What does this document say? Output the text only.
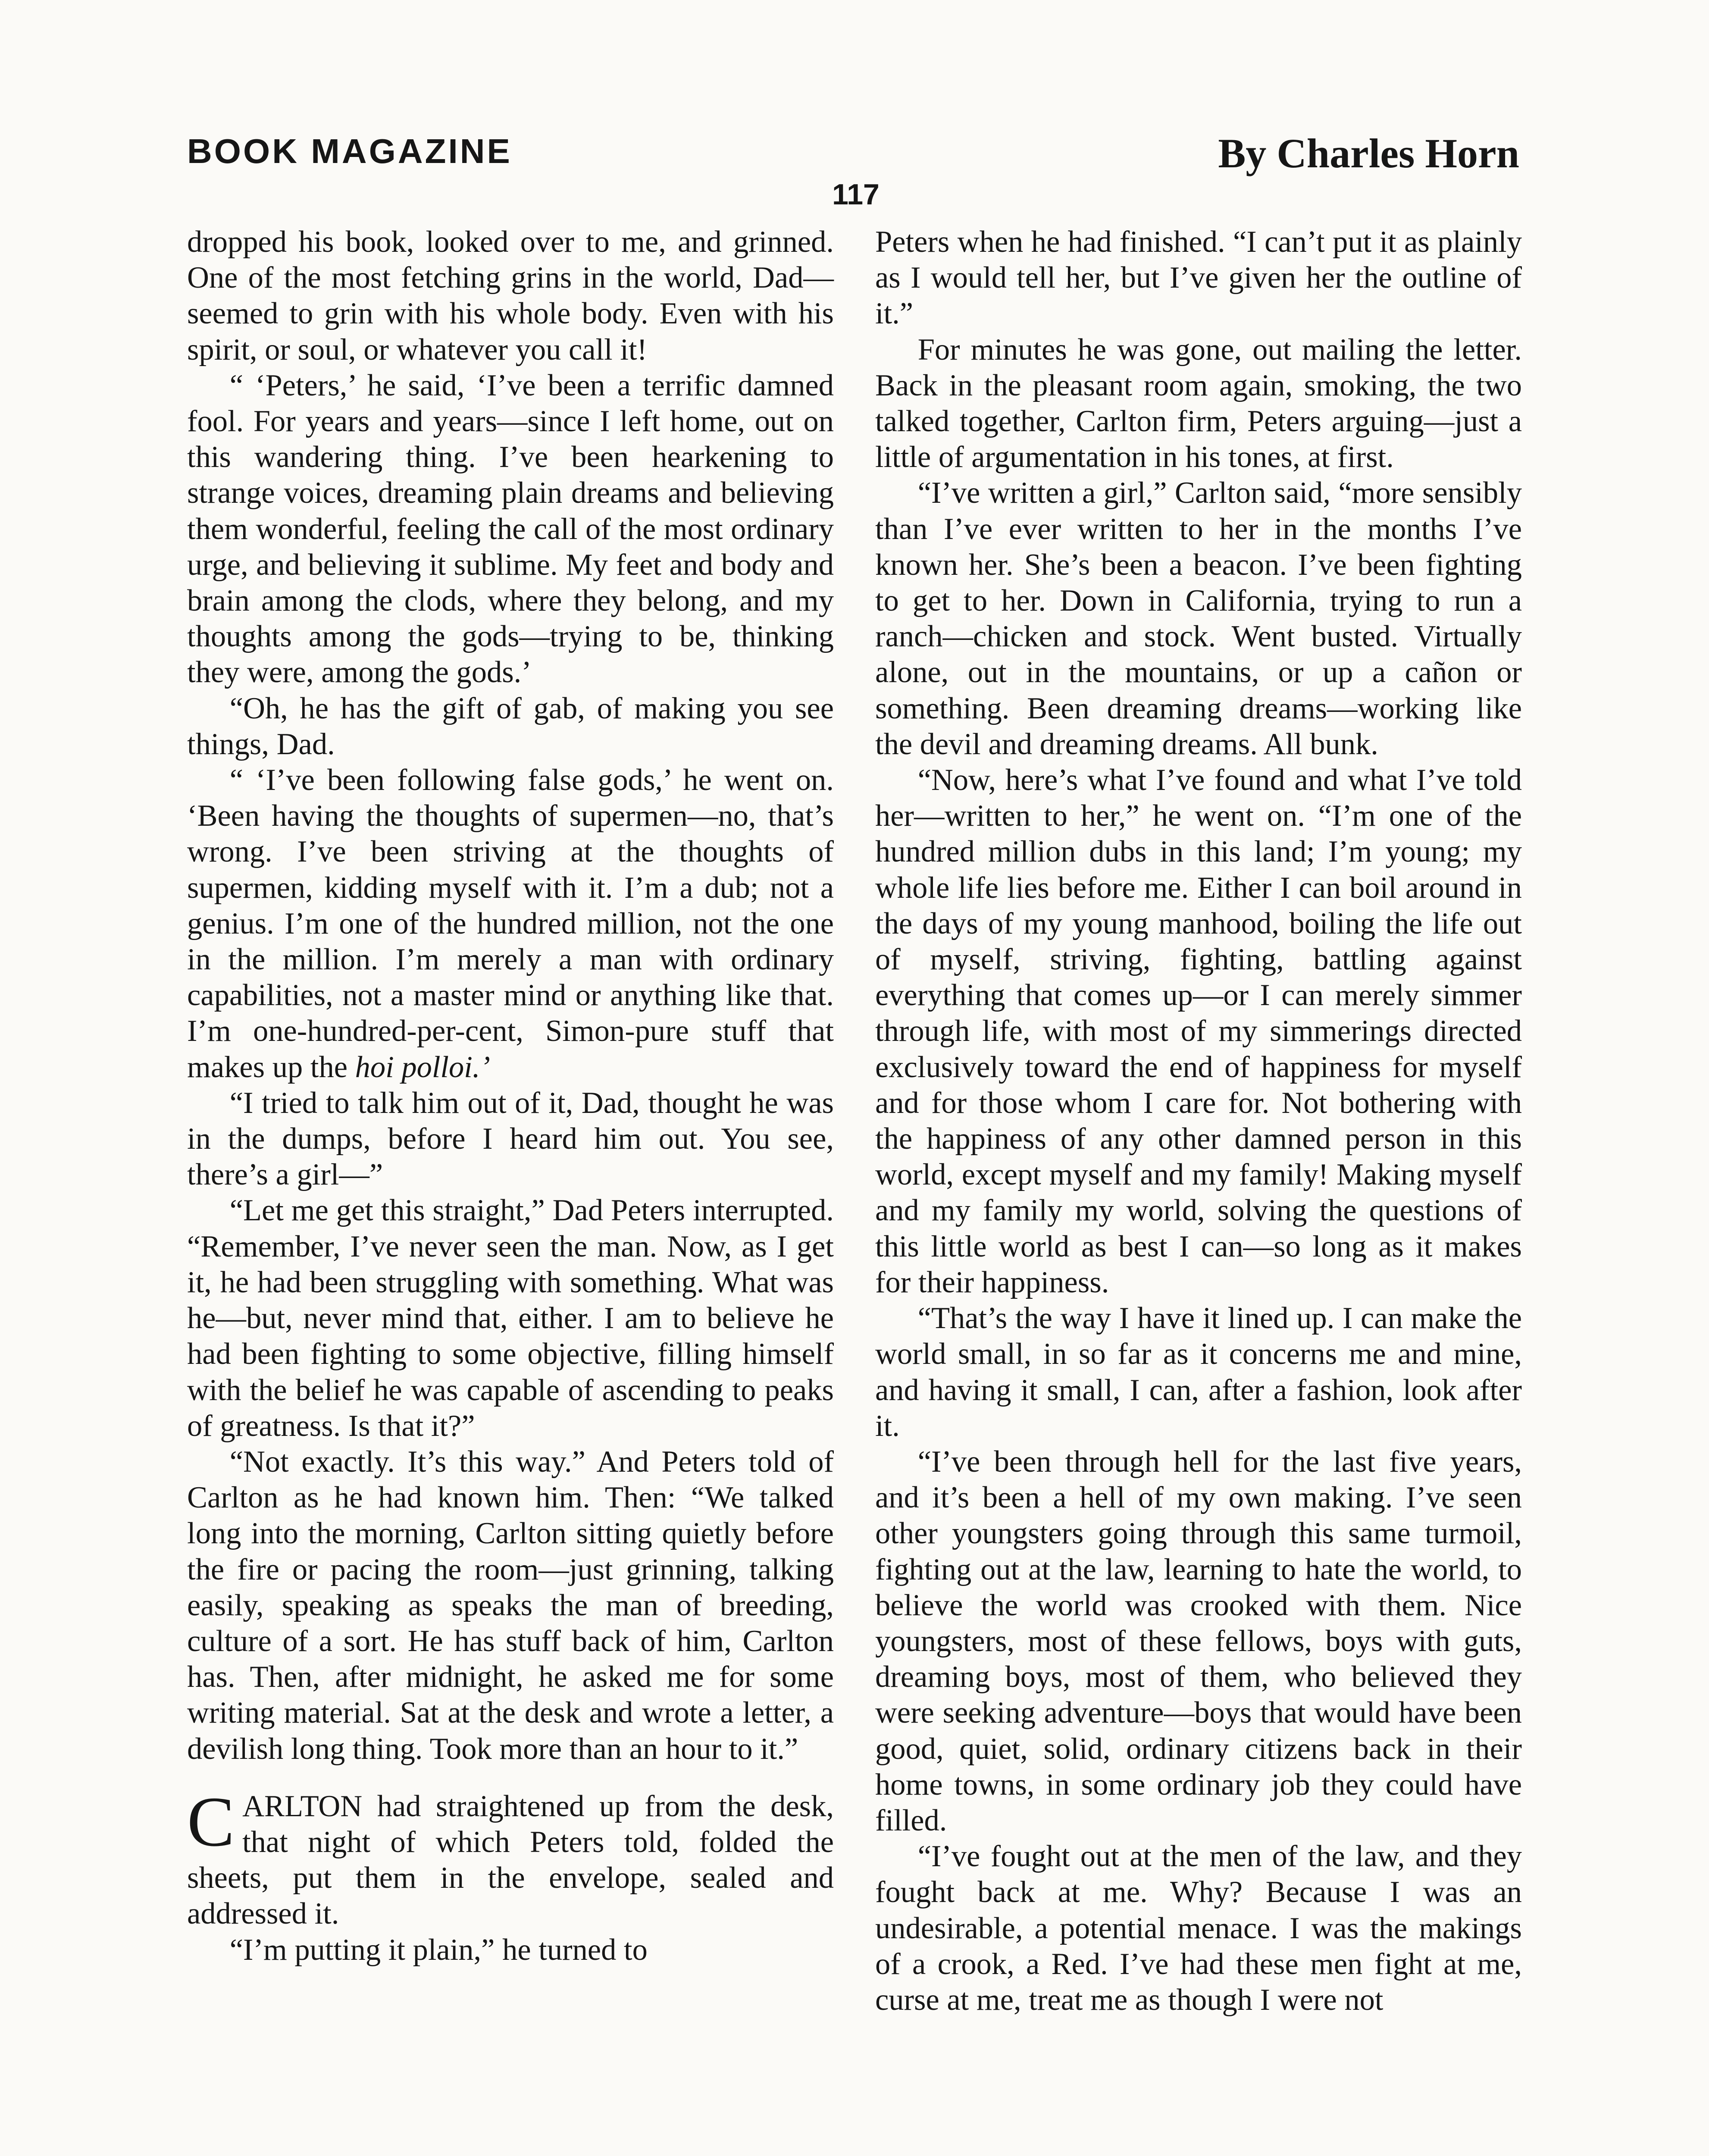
BOOK MAGAZINE	By Charles Horn
117

dropped his book, looked over to me, and grinned. One of the most fetching grins in the world, Dad—seemed to grin with his whole body. Even with his spirit, or soul, or whatever you call it!

“ ‘Peters,’ he said, ‘I’ve been a terrific damned fool. For years and years—since I left home, out on this wandering thing. I’ve been hearkening to strange voices, dreaming plain dreams and believing them wonderful, feeling the call of the most ordinary urge, and believing it sublime. My feet and body and brain among the clods, where they belong, and my thoughts among the gods—trying to be, thinking they were, among the gods.’

“Oh, he has the gift of gab, of making you see things, Dad.

“ ‘I’ve been following false gods,’ he went on. ‘Been having the thoughts of supermen—no, that’s wrong. I’ve been striving at the thoughts of supermen, kidding myself with it. I’m a dub; not a genius. I’m one of the hundred million, not the one in the million. I’m merely a man with ordinary capabilities, not a master mind or anything like that. I’m one-hundred-per-cent, Simon-pure stuff that makes up the hoi polloi.’

“I tried to talk him out of it, Dad, thought he was in the dumps, before I heard him out. You see, there’s a girl—”

“Let me get this straight,” Dad Peters interrupted. “Remember, I’ve never seen the man. Now, as I get it, he had been struggling with something. What was he—but, never mind that, either. I am to believe he had been fighting to some objective, filling himself with the belief he was capable of ascending to peaks of greatness. Is that it?”

“Not exactly. It’s this way.” And Peters told of Carlton as he had known him. Then: “We talked long into the morning, Carlton sitting quietly before the fire or pacing the room—just grinning, talking easily, speaking as speaks the man of breeding, culture of a sort. He has stuff back of him, Carlton has. Then, after midnight, he asked me for some writing material. Sat at the desk and wrote a letter, a devilish long thing. Took more than an hour to it.”

CARLTON had straightened up from the desk, that night of which Peters told, folded the sheets, put them in the envelope, sealed and addressed it.

“I’m putting it plain,” he turned to

Peters when he had finished. “I can’t put it as plainly as I would tell her, but I’ve given her the outline of it.”

For minutes he was gone, out mailing the letter. Back in the pleasant room again, smoking, the two talked together, Carlton firm, Peters arguing—just a little of argumentation in his tones, at first.

“I’ve written a girl,” Carlton said, “more sensibly than I’ve ever written to her in the months I’ve known her. She’s been a beacon. I’ve been fighting to get to her. Down in California, trying to run a ranch—chicken and stock. Went busted. Virtually alone, out in the mountains, or up a cañon or something. Been dreaming dreams—working like the devil and dreaming dreams. All bunk.

“Now, here’s what I’ve found and what I’ve told her—written to her,” he went on. “I’m one of the hundred million dubs in this land; I’m young; my whole life lies before me. Either I can boil around in the days of my young manhood, boiling the life out of myself, striving, fighting, battling against everything that comes up—or I can merely simmer through life, with most of my simmerings directed exclusively toward the end of happiness for myself and for those whom I care for. Not bothering with the happiness of any other damned person in this world, except myself and my family! Making myself and my family my world, solving the questions of this little world as best I can—so long as it makes for their happiness.

“That’s the way I have it lined up. I can make the world small, in so far as it concerns me and mine, and having it small, I can, after a fashion, look after it.

“I’ve been through hell for the last five years, and it’s been a hell of my own making. I’ve seen other youngsters going through this same turmoil, fighting out at the law, learning to hate the world, to believe the world was crooked with them. Nice youngsters, most of these fellows, boys with guts, dreaming boys, most of them, who believed they were seeking adventure—boys that would have been good, quiet, solid, ordinary citizens back in their home towns, in some ordinary job they could have filled.

“I’ve fought out at the men of the law, and they fought back at me. Why? Because I was an undesirable, a potential menace. I was the makings of a crook, a Red. I’ve had these men fight at me, curse at me, treat me as though I were not
